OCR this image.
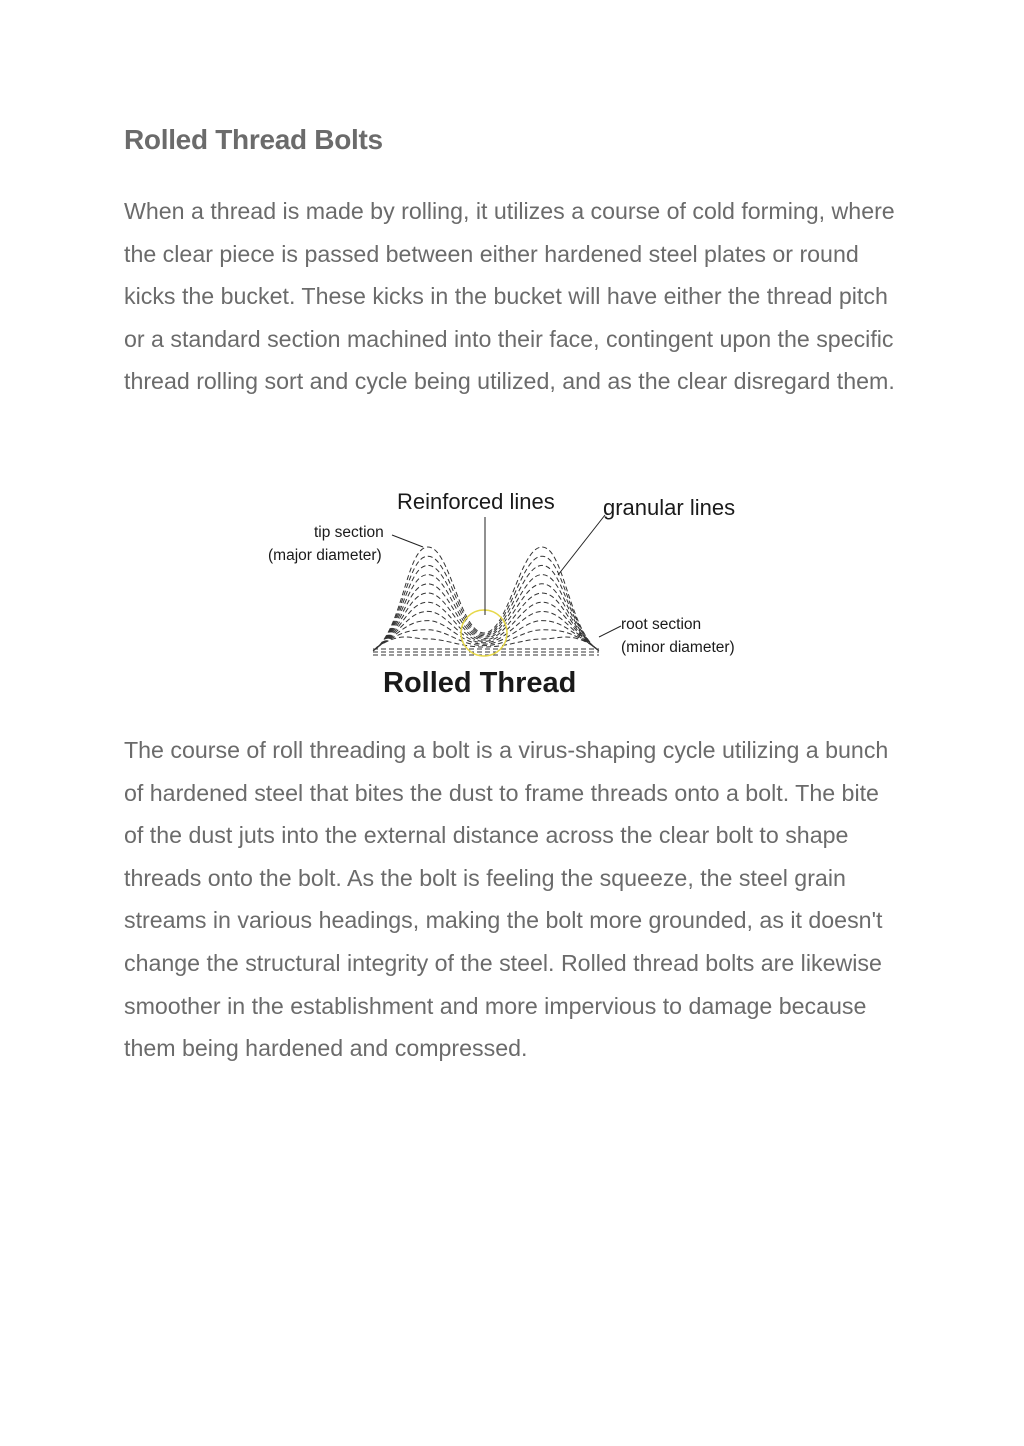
Rolled Thread Bolts

When a thread is made by rolling, it utilizes a course of cold forming, where the clear piece is passed between either hardened steel plates or round kicks the bucket. These kicks in the bucket will have either the thread pitch or a standard section machined into their face, contingent upon the specific thread rolling sort and cycle being utilized, and as the clear disregard them.

The course of roll threading a bolt is a virus-shaping cycle utilizing a bunch of hardened steel that bites the dust to frame threads onto a bolt. The bite of the dust juts into the external distance across the clear bolt to shape threads onto the bolt. As the bolt is feeling the squeeze, the steel grain streams in various headings, making the bolt more grounded, as it doesn't change the structural integrity of the steel. Rolled thread bolts are likewise smoother in the establishment and more impervious to damage because them being hardened and compressed.

Reinforced lines granular lines
tip section
(major diameter)
root section
(minor diameter)
Rolled Thread
